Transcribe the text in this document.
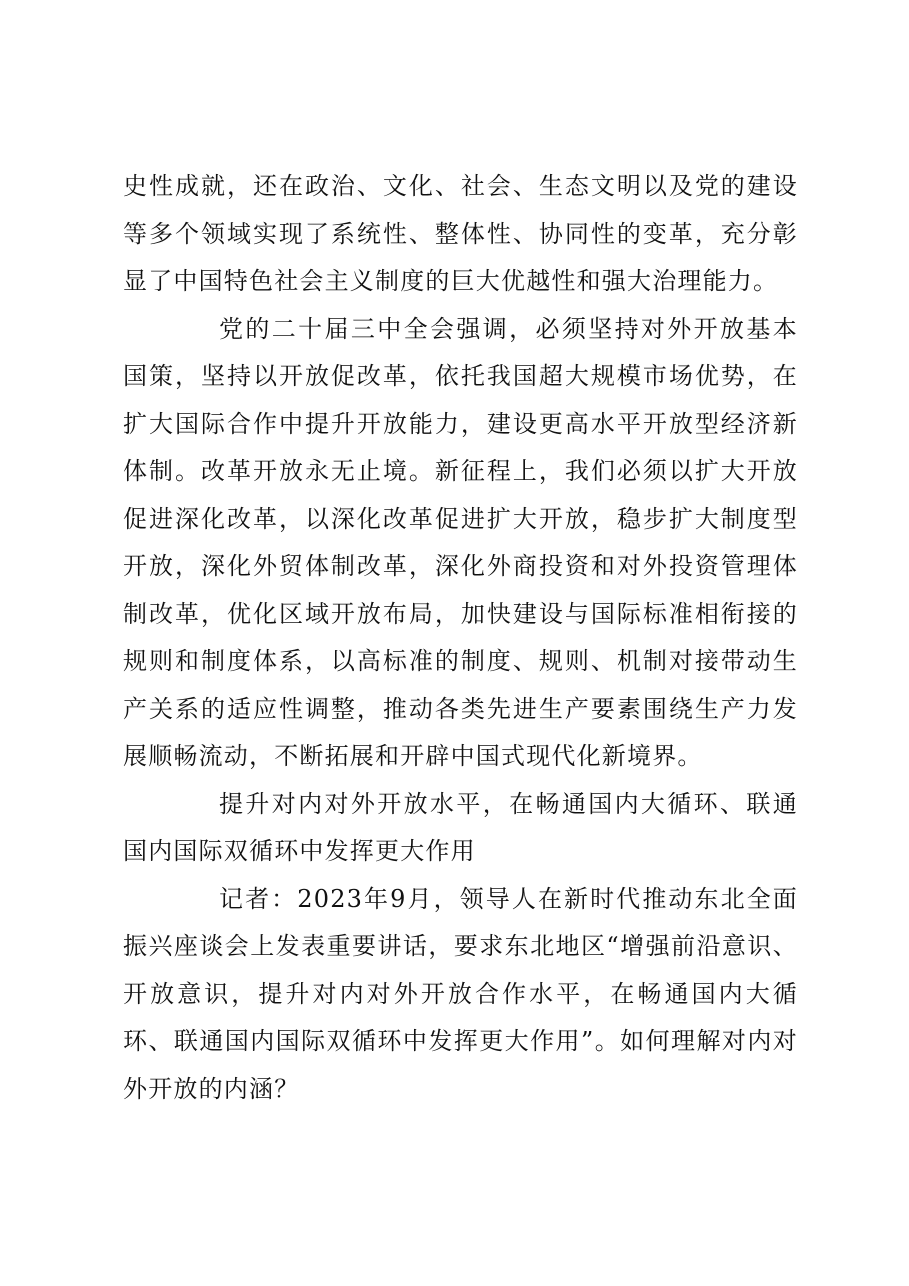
史性成就，还在政治、文化、社会、生态文明以及党的建设等多个领域实现了系统性、整体性、协同性的变革，充分彰显了中国特色社会主义制度的巨大优越性和强大治理能力。

党的二十届三中全会强调，必须坚持对外开放基本国策，坚持以开放促改革，依托我国超大规模市场优势，在扩大国际合作中提升开放能力，建设更高水平开放型经济新体制。改革开放永无止境。新征程上，我们必须以扩大开放促进深化改革，以深化改革促进扩大开放，稳步扩大制度型开放，深化外贸体制改革，深化外商投资和对外投资管理体制改革，优化区域开放布局，加快建设与国际标准相衔接的规则和制度体系，以高标准的制度、规则、机制对接带动生产关系的适应性调整，推动各类先进生产要素围绕生产力发展顺畅流动，不断拓展和开辟中国式现代化新境界。

提升对内对外开放水平，在畅通国内大循环、联通国内国际双循环中发挥更大作用

记者：2023年9月，领导人在新时代推动东北全面振兴座谈会上发表重要讲话，要求东北地区“增强前沿意识、开放意识，提升对内对外开放合作水平，在畅通国内大循环、联通国内国际双循环中发挥更大作用”。如何理解对内对外开放的内涵？
